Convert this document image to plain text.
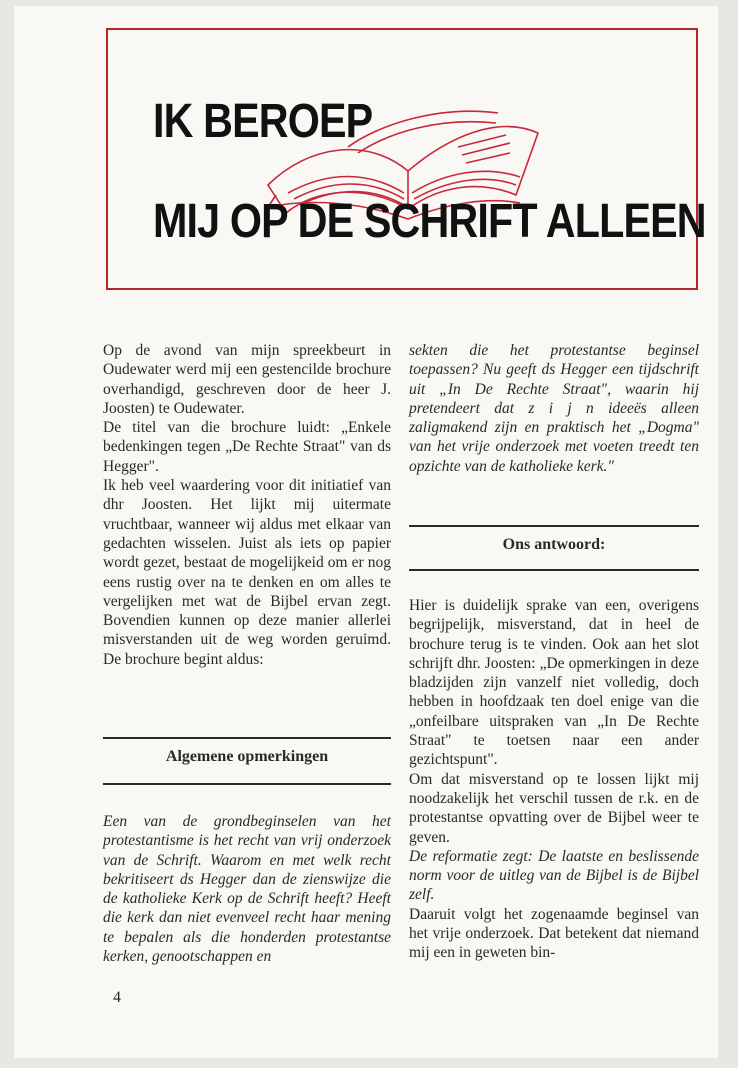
IK BEROEP
MIJ OP DE SCHRIFT ALLEEN

Op de avond van mijn spreekbeurt in Oudewater werd mij een gestencilde brochure overhandigd, geschreven door de heer J. Joosten) te Oudewater.

De titel van die brochure luidt: „Enkele bedenkingen tegen „De Rechte Straat" van ds Hegger".

Ik heb veel waardering voor dit initiatief van dhr Joosten. Het lijkt mij uitermate vruchtbaar, wanneer wij aldus met elkaar van gedachten wisselen. Juist als iets op papier wordt gezet, bestaat de mogelijkeid om er nog eens rustig over na te denken en om alles te vergelijken met wat de Bijbel ervan zegt. Bovendien kunnen op deze manier allerlei misverstanden uit de weg worden geruimd. De brochure begint aldus:

Algemene opmerkingen

Een van de grondbeginselen van het protestantisme is het recht van vrij onderzoek van de Schrift. Waarom en met welk recht bekritiseert ds Hegger dan de zienswijze die de katholieke Kerk op de Schrift heeft? Heeft die kerk dan niet evenveel recht haar mening te bepalen als die honderden protestantse kerken, genootschappen en

sekten die het protestantse beginsel toepassen? Nu geeft ds Hegger een tijdschrift uit „In De Rechte Straat", waarin hij pretendeert dat z i j n ideeës alleen zaligmakend zijn en praktisch het „Dogma" van het vrije onderzoek met voeten treedt ten opzichte van de katholieke kerk."

Ons antwoord:

Hier is duidelijk sprake van een, overigens begrijpelijk, misverstand, dat in heel de brochure terug is te vinden. Ook aan het slot schrijft dhr. Joosten: „De opmerkingen in deze bladzijden zijn vanzelf niet volledig, doch hebben in hoofdzaak ten doel enige van die „onfeilbare uitspraken van „In De Rechte Straat" te toetsen naar een ander gezichtspunt".

Om dat misverstand op te lossen lijkt mij noodzakelijk het verschil tussen de r.k. en de protestantse opvatting over de Bijbel weer te geven.

De reformatie zegt: De laatste en beslissende norm voor de uitleg van de Bijbel is de Bijbel zelf.

Daaruit volgt het zogenaamde beginsel van het vrije onderzoek. Dat betekent dat niemand mij een in geweten bin-

4
